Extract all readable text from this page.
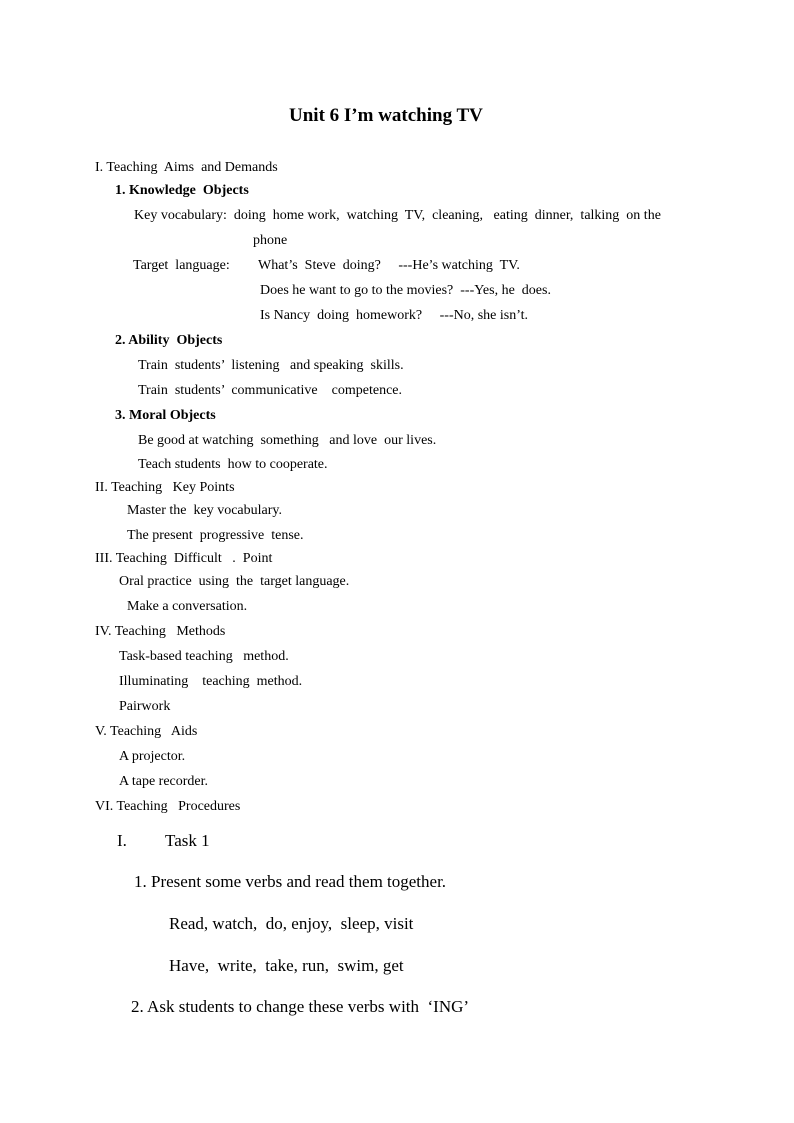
Unit 6 I’m watching TV
I. Teaching  Aims  and Demands
1. Knowledge  Objects
Key vocabulary:  doing  home work,  watching  TV,  cleaning,   eating  dinner,  talking  on the
phone
Target  language: What’s  Steve  doing?     ---He’s watching  TV.
Does he want to go to the movies?  ---Yes, he  does.
Is Nancy  doing  homework?     ---No, she isn’t.
2. Ability  Objects
Train  students’  listening   and speaking  skills.
Train  students’  communicative    competence.
3. Moral Objects
Be good at watching  something   and love  our lives.
Teach students  how to cooperate.
II. Teaching   Key Points
Master the  key vocabulary.
The present  progressive  tense.
III. Teaching  Difficult   .  Point
Oral practice  using  the  target language.
Make a conversation.
IV. Teaching   Methods
Task-based teaching   method.
Illuminating    teaching  method.
Pairwork
V. Teaching   Aids
A projector.
A tape recorder.
VI. Teaching   Procedures
I. Task 1
1. Present some verbs and read them together.
Read, watch,  do, enjoy,  sleep, visit
Have,  write,  take, run,  swim, get
2. Ask students to change these verbs with  ‘ING’
